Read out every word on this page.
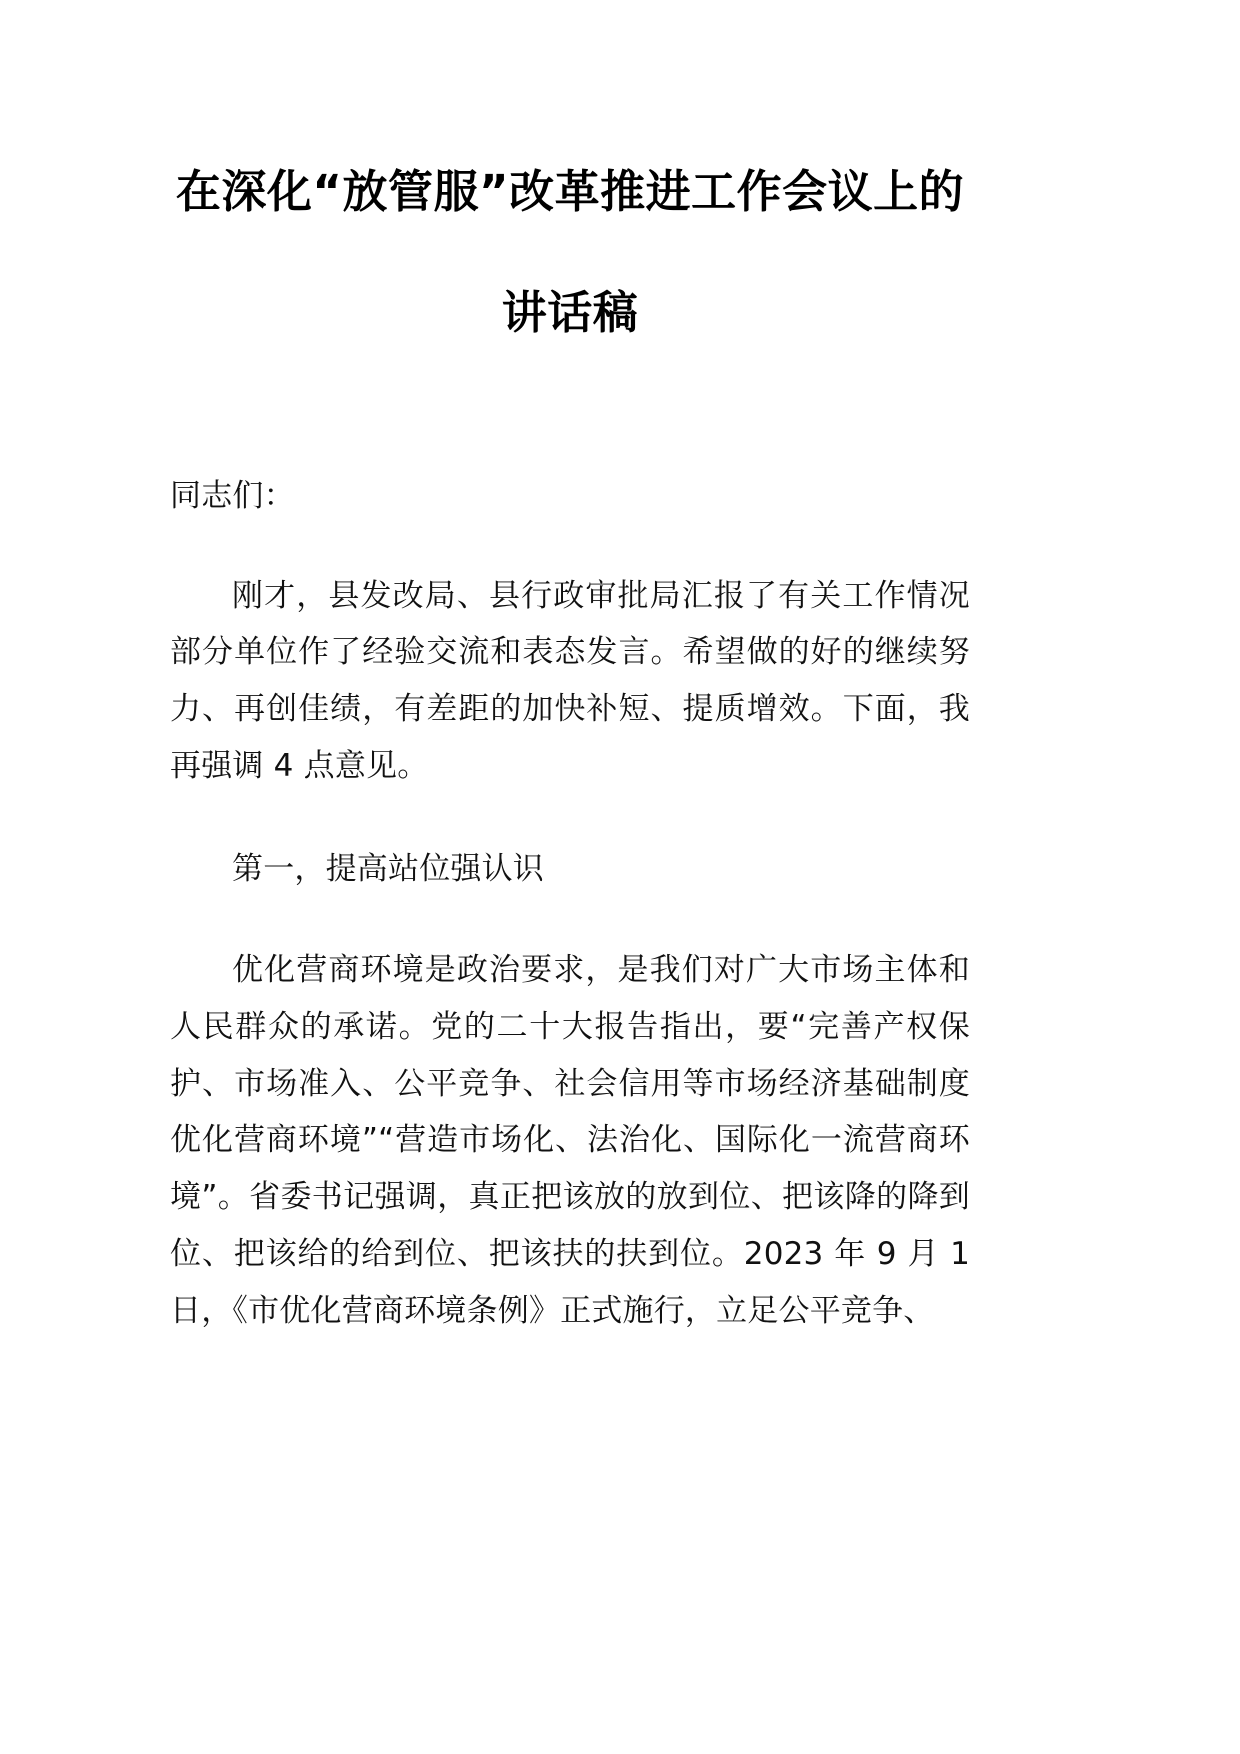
在深化“放管服”改革推进工作会议上的
讲话稿

同志们：

刚才，县发改局、县行政审批局汇报了有关工作情况部分单位作了经验交流和表态发言。希望做的好的继续努力、再创佳绩，有差距的加快补短、提质增效。下面，我再强调 4 点意见。

第一，提高站位强认识

优化营商环境是政治要求，是我们对广大市场主体和人民群众的承诺。党的二十大报告指出，要“完善产权保护、市场准入、公平竞争、社会信用等市场经济基础制度优化营商环境”“营造市场化、法治化、国际化一流营商环境”。省委书记强调，真正把该放的放到位、把该降的降到位、把该给的给到位、把该扶的扶到位。2023 年 9 月 1 日，《市优化营商环境条例》正式施行，立足公平竞争、
